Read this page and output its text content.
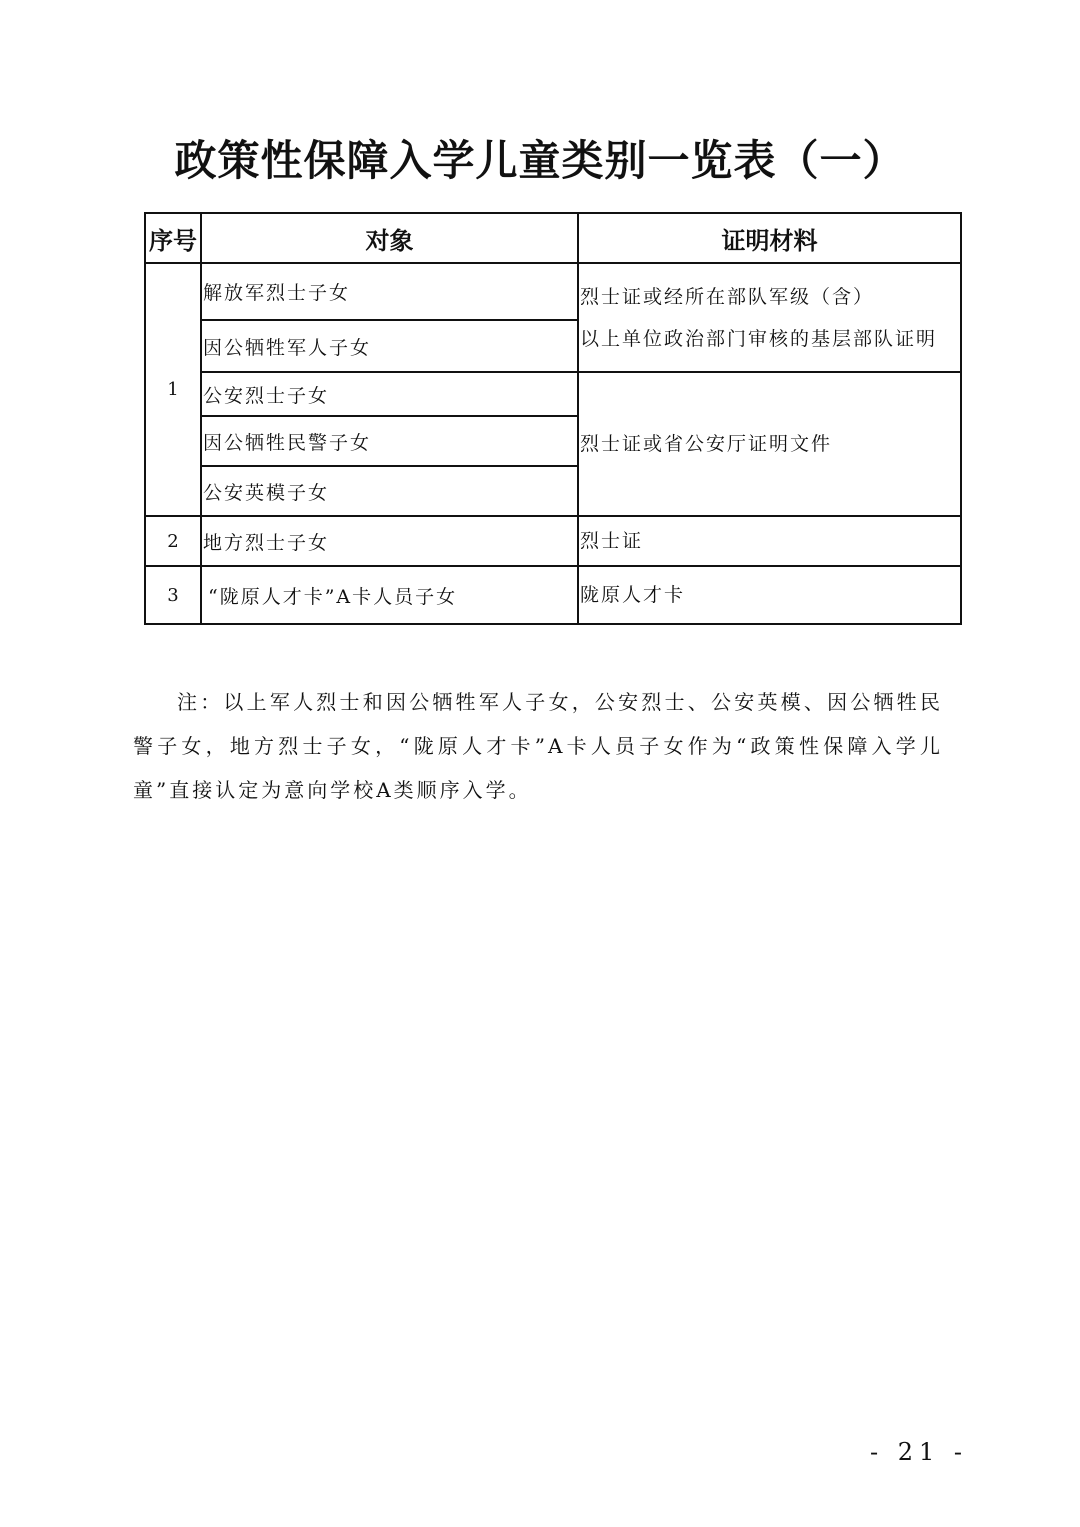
政策性保障入学儿童类别一览表（一）
序号	对象	证明材料
1	解放军烈士子女	烈士证或经所在部队军级（含）
以上单位政治部门审核的基层部队证明

	因公牺牲军人子女	
	公安烈士子女	烈士证或省公安厅证明文件
	因公牺牲民警子女	
	公安英模子女	
2	地方烈士子女	烈士证
3	“陇原人才卡”A卡人员子女	陇原人才卡
注：以上军人烈士和因公牺牲军人子女，公安烈士、公安英模、因公牺牲民警子女，地方烈士子女，“陇原人才卡”A卡人员子女作为“政策性保障入学儿童”直接认定为意向学校A类顺序入学。
- 21 -
